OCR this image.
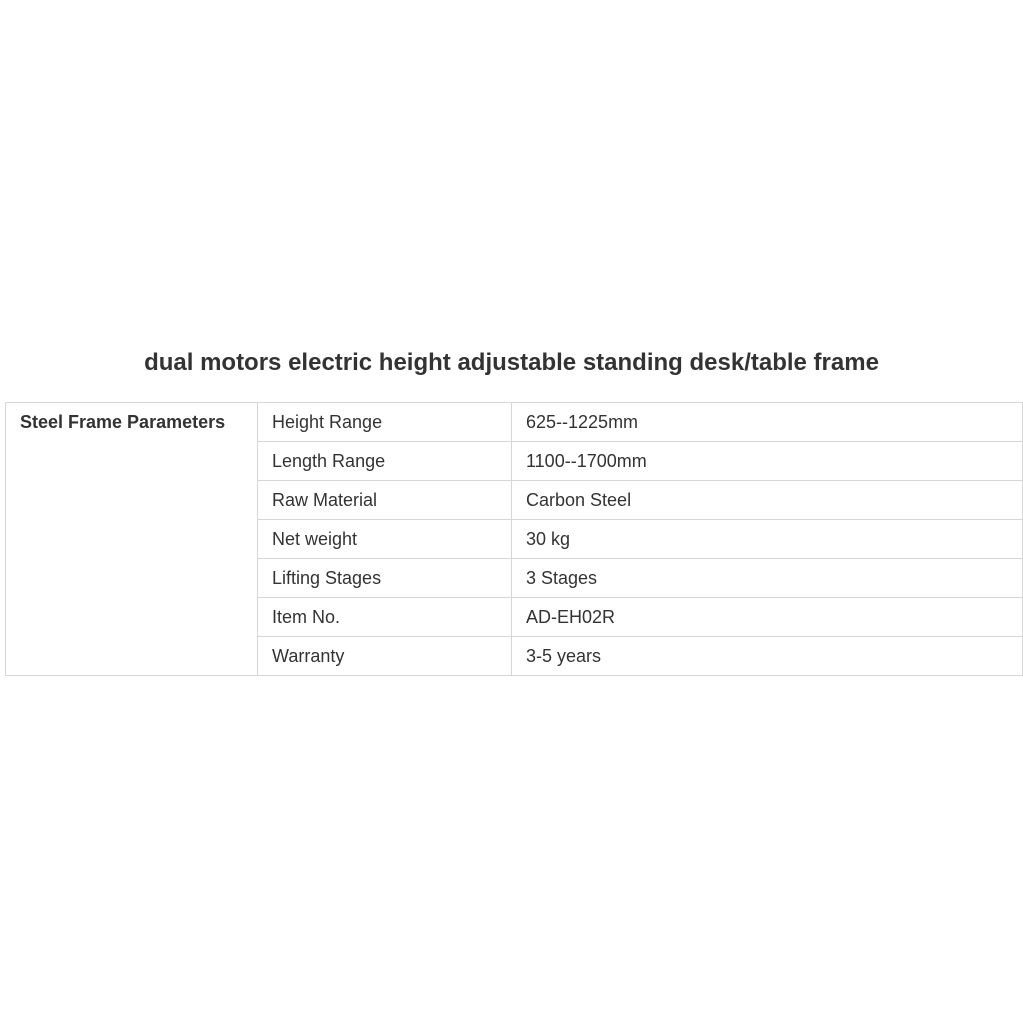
dual motors electric height adjustable standing desk/table frame
Steel Frame Parameters	Height Range	625--1225mm
	Length Range	1100--1700mm
	Raw Material	Carbon Steel
	Net weight	30 kg
	Lifting Stages	3 Stages
	Item No.	AD-EH02R
	Warranty	3-5 years
